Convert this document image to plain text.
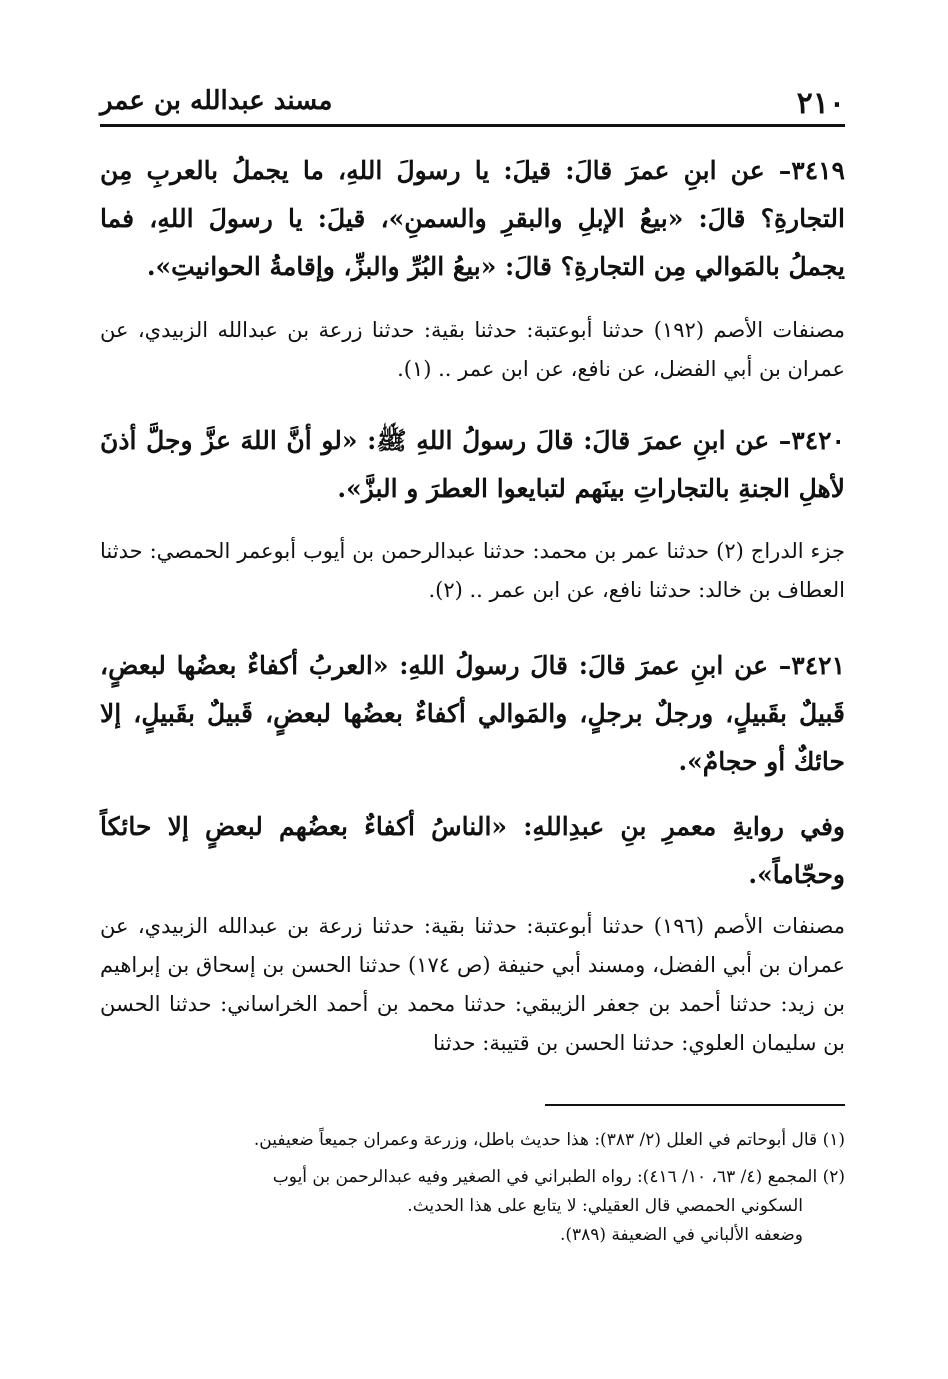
٢١٠
مسند عبدالله بن عمر
٣٤١٩– عن ابنِ عمرَ قالَ: قيلَ: يا رسولَ اللهِ، ما يجملُ بالعربِ مِن التجارةِ؟ قالَ: «بيعُ الإبلِ والبقرِ والسمنِ»، قيلَ: يا رسولَ اللهِ، فما يجملُ بالمَوالي مِن التجارةِ؟ قالَ: «بيعُ البُرِّ والبزِّ، وإقامةُ الحوانيتِ».
مصنفات الأصم (١٩٢) حدثنا أبوعتبة: حدثنا بقية: حدثنا زرعة بن عبدالله الزبيدي، عن عمران بن أبي الفضل، عن نافع، عن ابن عمر .. (١).
٣٤٢٠– عن ابنِ عمرَ قالَ: قالَ رسولُ اللهِ ﷺ: «لو أنَّ اللهَ عزَّ وجلَّ أذنَ لأهلِ الجنةِ بالتجاراتِ بينَهم لتبايعوا العطرَ و البزَّ».
جزء الدراج (٢) حدثنا عمر بن محمد: حدثنا عبدالرحمن بن أيوب أبوعمر الحمصي: حدثنا العطاف بن خالد: حدثنا نافع، عن ابن عمر .. (٢).
٣٤٢١– عن ابنِ عمرَ قالَ: قالَ رسولُ اللهِ: «العربُ أكفاءٌ بعضُها لبعضٍ، قَبيلٌ بقَبيلٍ، ورجلٌ برجلٍ، والمَوالي أكفاءٌ بعضُها لبعضٍ، قَبيلٌ بقَبيلٍ، إلا حائكٌ أو حجامٌ».
وفي روايةِ معمرِ بنِ عبدِاللهِ: «الناسُ أكفاءٌ بعضُهم لبعضٍ إلا حائكاً وحجّاماً».
مصنفات الأصم (١٩٦) حدثنا أبوعتبة: حدثنا بقية: حدثنا زرعة بن عبدالله الزبيدي، عن عمران بن أبي الفضل، ومسند أبي حنيفة (ص ١٧٤) حدثنا الحسن بن إسحاق بن إبراهيم بن زيد: حدثنا أحمد بن جعفر الزيبقي: حدثنا محمد بن أحمد الخراساني: حدثنا الحسن بن سليمان العلوي: حدثنا الحسن بن قتيبة: حدثنا
(١) قال أبوحاتم في العلل (٢/ ٣٨٣): هذا حديث باطل، وزرعة وعمران جميعاً ضعيفين.
(٢) المجمع (٤/ ٦٣، ١٠/ ٤١٦): رواه الطبراني في الصغير وفيه عبدالرحمن بن أيوب
السكوني الحمصي قال العقيلي: لا يتابع على هذا الحديث.
وضعفه الألباني في الضعيفة (٣٨٩).
